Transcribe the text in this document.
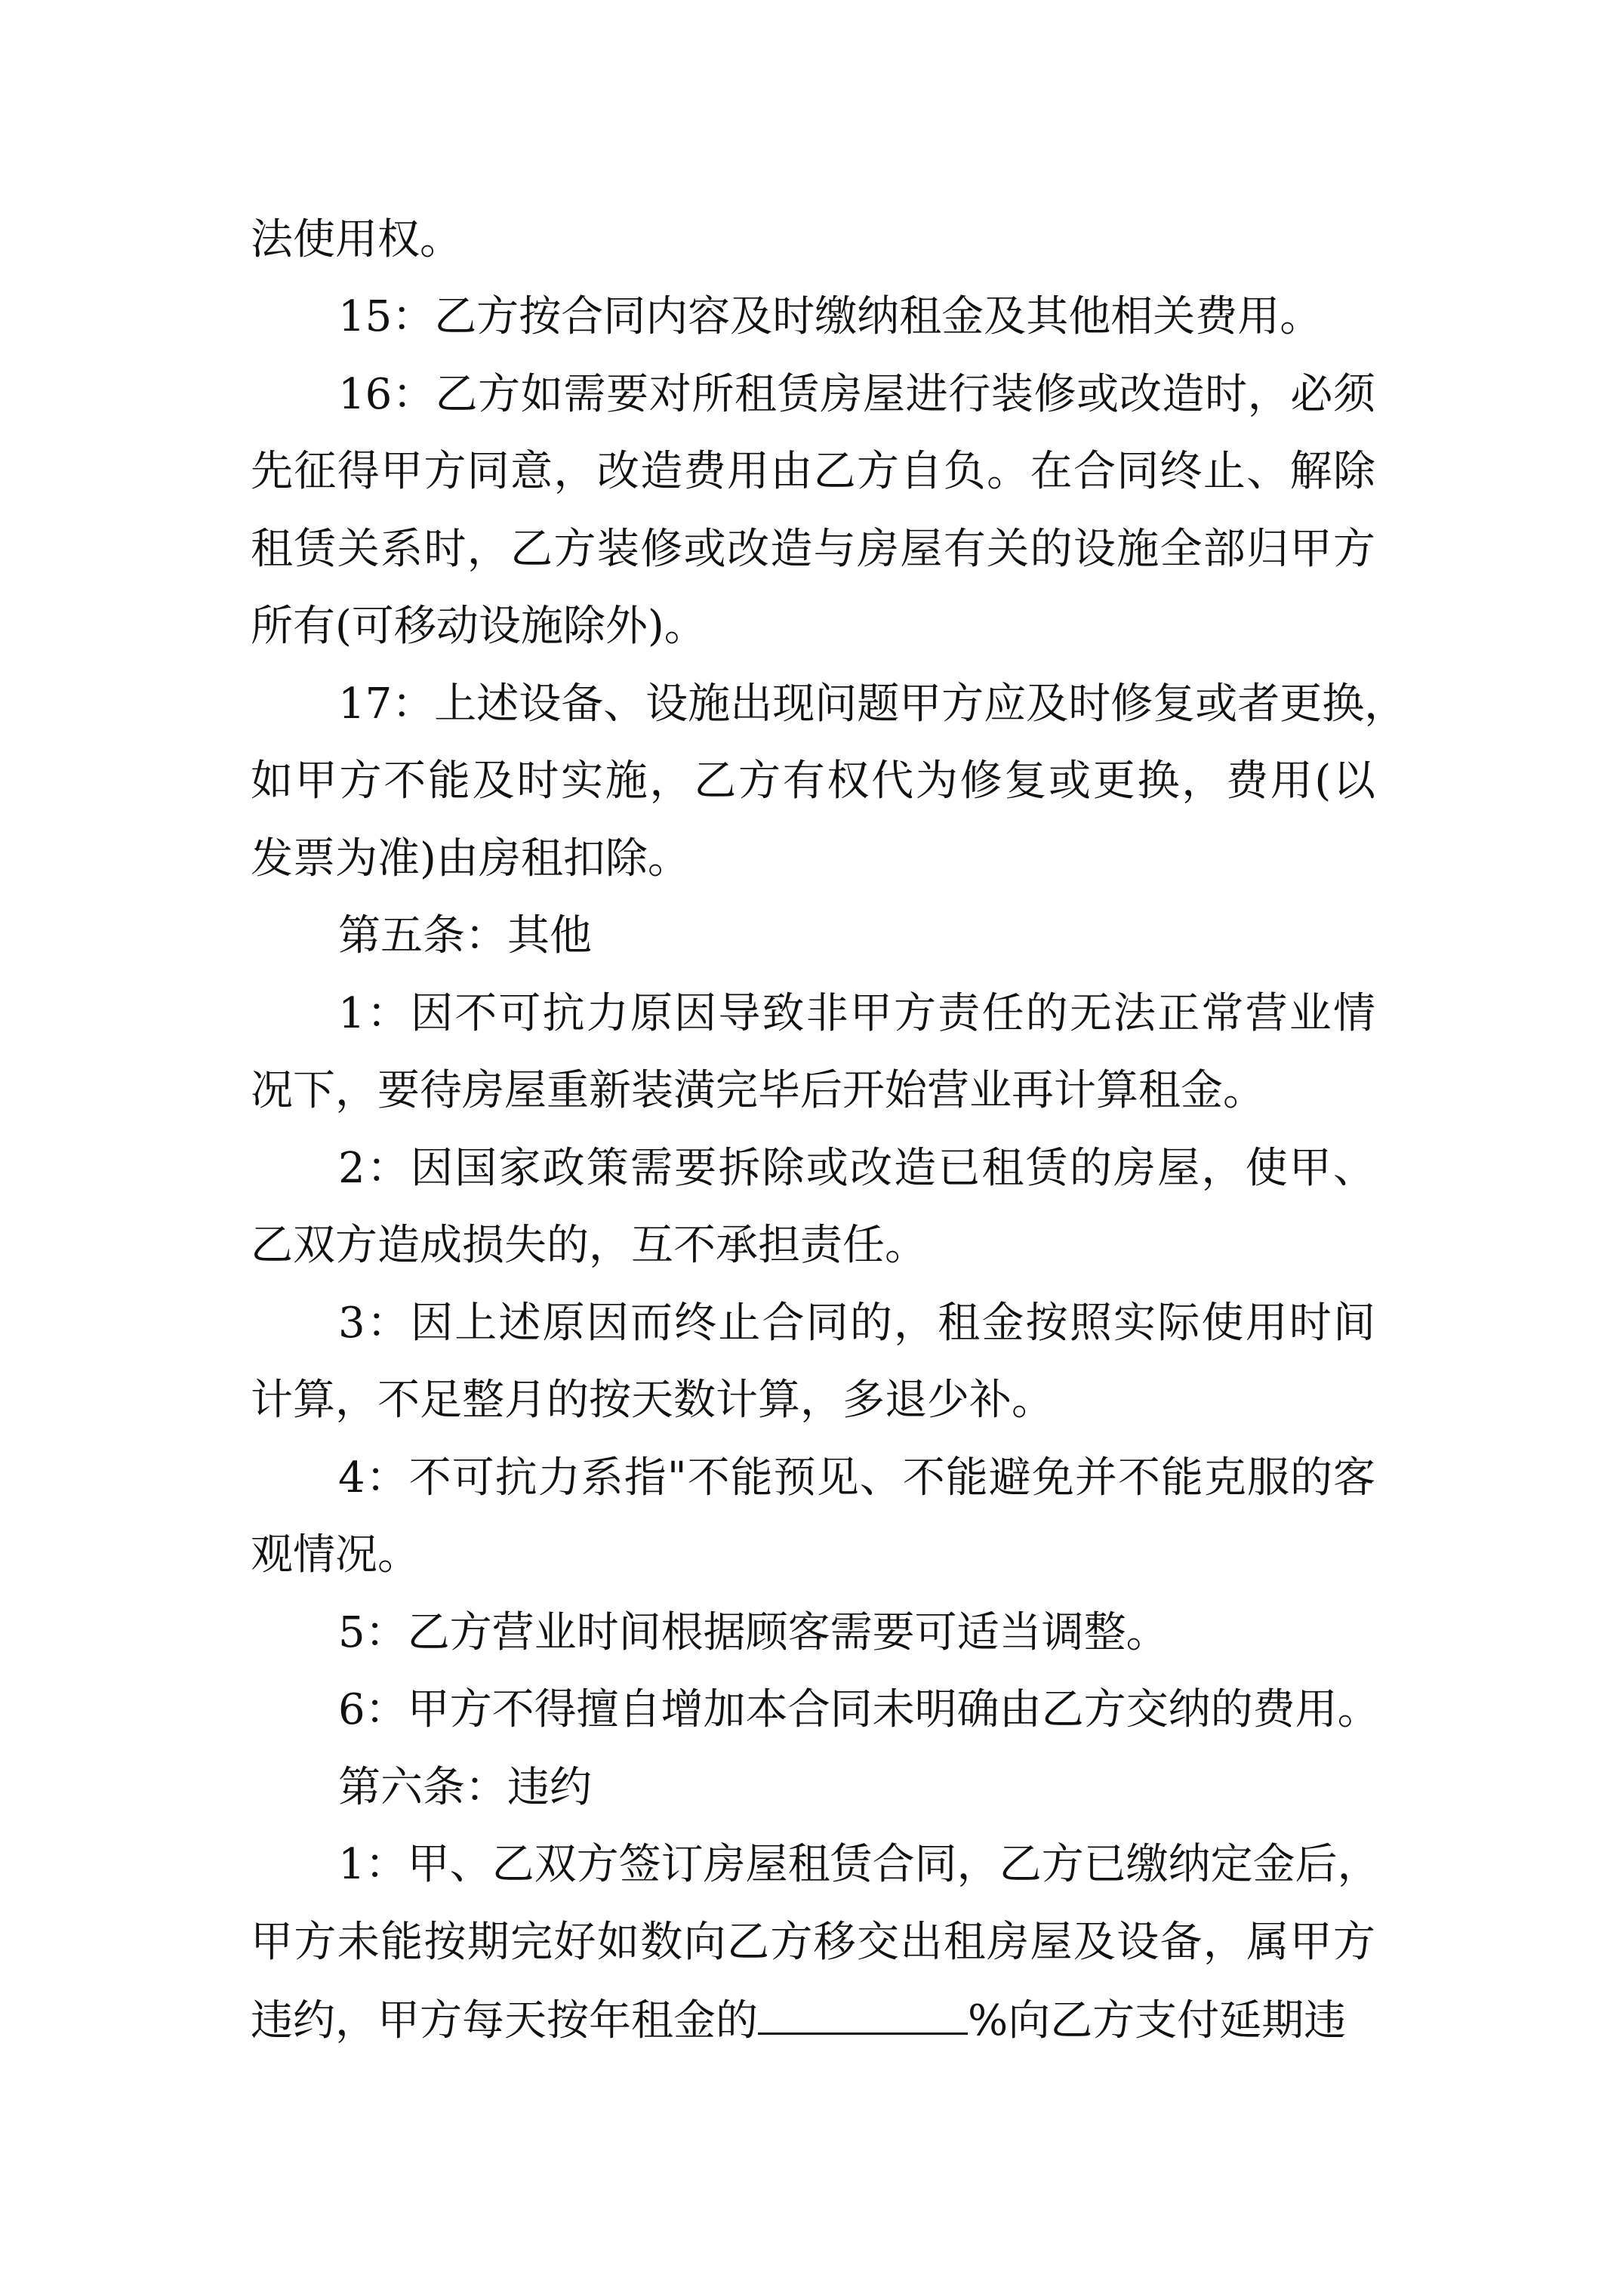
法使用权。

15：乙方按合同内容及时缴纳租金及其他相关费用。

16：乙方如需要对所租赁房屋进行装修或改造时，必须

先征得甲方同意，改造费用由乙方自负。在合同终止、解除

租赁关系时，乙方装修或改造与房屋有关的设施全部归甲方

所有(可移动设施除外)。

17：上述设备、设施出现问题甲方应及时修复或者更换，

如甲方不能及时实施，乙方有权代为修复或更换，费用(以

发票为准)由房租扣除。

第五条：其他

1：因不可抗力原因导致非甲方责任的无法正常营业情

况下，要待房屋重新装潢完毕后开始营业再计算租金。

2：因国家政策需要拆除或改造已租赁的房屋，使甲、

乙双方造成损失的，互不承担责任。

3：因上述原因而终止合同的，租金按照实际使用时间

计算，不足整月的按天数计算，多退少补。

4：不可抗力系指"不能预见、不能避免并不能克服的客

观情况。

5：乙方营业时间根据顾客需要可适当调整。

6：甲方不得擅自增加本合同未明确由乙方交纳的费用。

第六条：违约

1：甲、乙双方签订房屋租赁合同，乙方已缴纳定金后，

甲方未能按期完好如数向乙方移交出租房屋及设备，属甲方

违约，甲方每天按年租金的	%向乙方支付延期违
